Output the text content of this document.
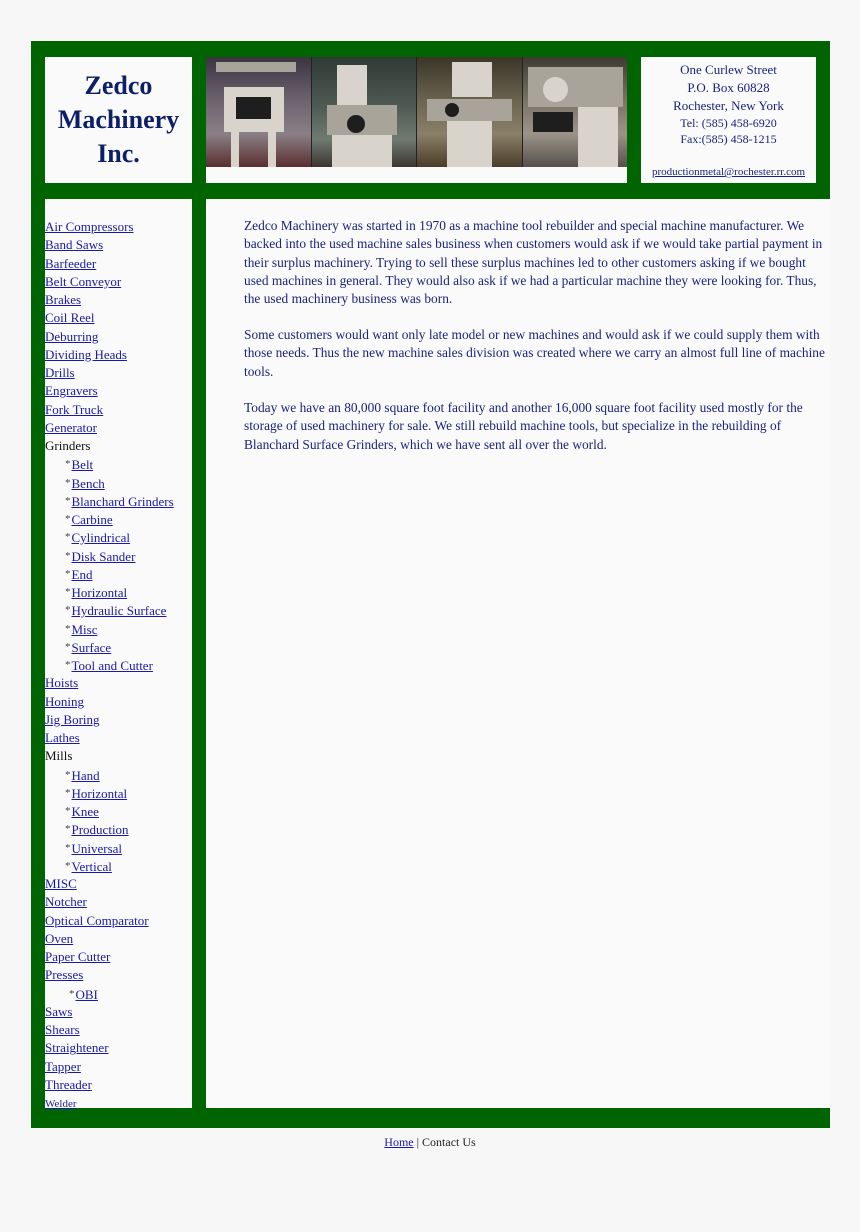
Zedco
Machinery
Inc.
One Curlew Street
P.O. Box 60828
Rochester, New York
Tel: (585) 458-6920
Fax:(585) 458-1215
productionmetal@rochester.rr.com
Air Compressors
Band Saws
Barfeeder
Belt Conveyor
Brakes
Coil Reel
Deburring
Dividing Heads
Drills
Engravers
Fork Truck
Generator
Grinders
*Belt
*Bench
*Blanchard Grinders
*Carbine
*Cylindrical
*Disk Sander
*End
*Horizontal
*Hydraulic Surface
*Misc
*Surface
*Tool and Cutter
Hoists
Honing
Jig Boring
Lathes
Mills
*Hand
*Horizontal
*Knee
*Production
*Universal
*Vertical
MISC
Notcher
Optical Comparator
Oven
Paper Cutter
Presses
*OBI
Saws
Shears
Straightener
Tapper
Threader
Welder

Zedco Machinery was started in 1970 as a machine tool rebuilder and special machine manufacturer. We backed into the used machine sales business when customers would ask if we would take partial payment in their surplus machinery. Trying to sell these surplus machines led to other customers asking if we bought used machines in general. They would also ask if we had a particular machine they were looking for. Thus, the used machinery business was born.

Some customers would want only late model or new machines and would ask if we could supply them with those needs. Thus the new machine sales division was created where we carry an almost full line of machine tools.

Today we have an 80,000 square foot facility and another 16,000 square foot facility used mostly for the storage of used machinery for sale. We still rebuild machine tools, but specialize in the rebuilding of Blanchard Surface Grinders, which we have sent all over the world.

Home | Contact Us
